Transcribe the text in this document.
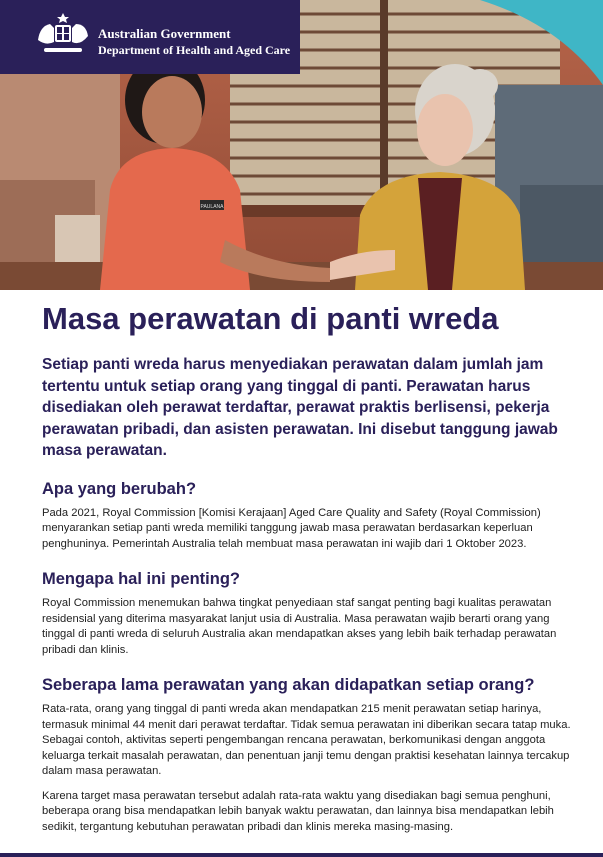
PAULANA
Australian Government
Department of Health and Aged Care
Masa perawatan di panti wreda

Setiap panti wreda harus menyediakan perawatan dalam jumlah jam tertentu untuk setiap orang yang tinggal di panti. Perawatan harus disediakan oleh perawat terdaftar, perawat praktis berlisensi, pekerja perawatan pribadi, dan asisten perawatan. Ini disebut tanggung jawab masa perawatan.

Apa yang berubah?

Pada 2021, Royal Commission [Komisi Kerajaan] Aged Care Quality and Safety (Royal Commission) menyarankan setiap panti wreda memiliki tanggung jawab masa perawatan berdasarkan keperluan penghuninya. Pemerintah Australia telah membuat masa perawatan ini wajib dari 1 Oktober 2023.

Mengapa hal ini penting?

Royal Commission menemukan bahwa tingkat penyediaan staf sangat penting bagi kualitas perawatan residensial yang diterima masyarakat lanjut usia di Australia. Masa perawatan wajib berarti orang yang tinggal di panti wreda di seluruh Australia akan mendapatkan akses yang lebih baik terhadap perawatan pribadi dan klinis.

Seberapa lama perawatan yang akan didapatkan setiap orang?

Rata-rata, orang yang tinggal di panti wreda akan mendapatkan 215 menit perawatan setiap harinya, termasuk minimal 44 menit dari perawat terdaftar. Tidak semua perawatan ini diberikan secara tatap muka. Sebagai contoh, aktivitas seperti pengembangan rencana perawatan, berkomunikasi dengan anggota keluarga terkait masalah perawatan, dan penentuan janji temu dengan praktisi kesehatan lainnya tercakup dalam masa perawatan.

Karena target masa perawatan tersebut adalah rata-rata waktu yang disediakan bagi semua penghuni, beberapa orang bisa mendapatkan lebih banyak waktu perawatan, dan lainnya bisa mendapatkan lebih sedikit, tergantung kebutuhan perawatan pribadi dan klinis mereka masing-masing.
